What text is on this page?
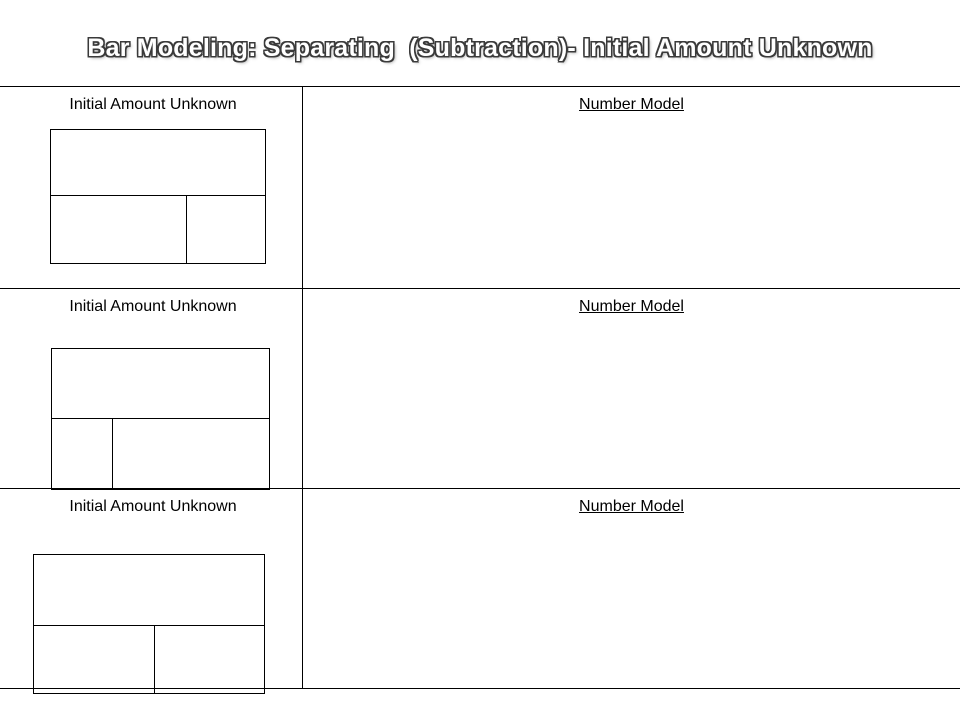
Bar Modeling: Separating  (Subtraction)- Initial Amount Unknown
Initial Amount Unknown	Number Model
Initial Amount Unknown	Number Model
Initial Amount Unknown	Number Model
